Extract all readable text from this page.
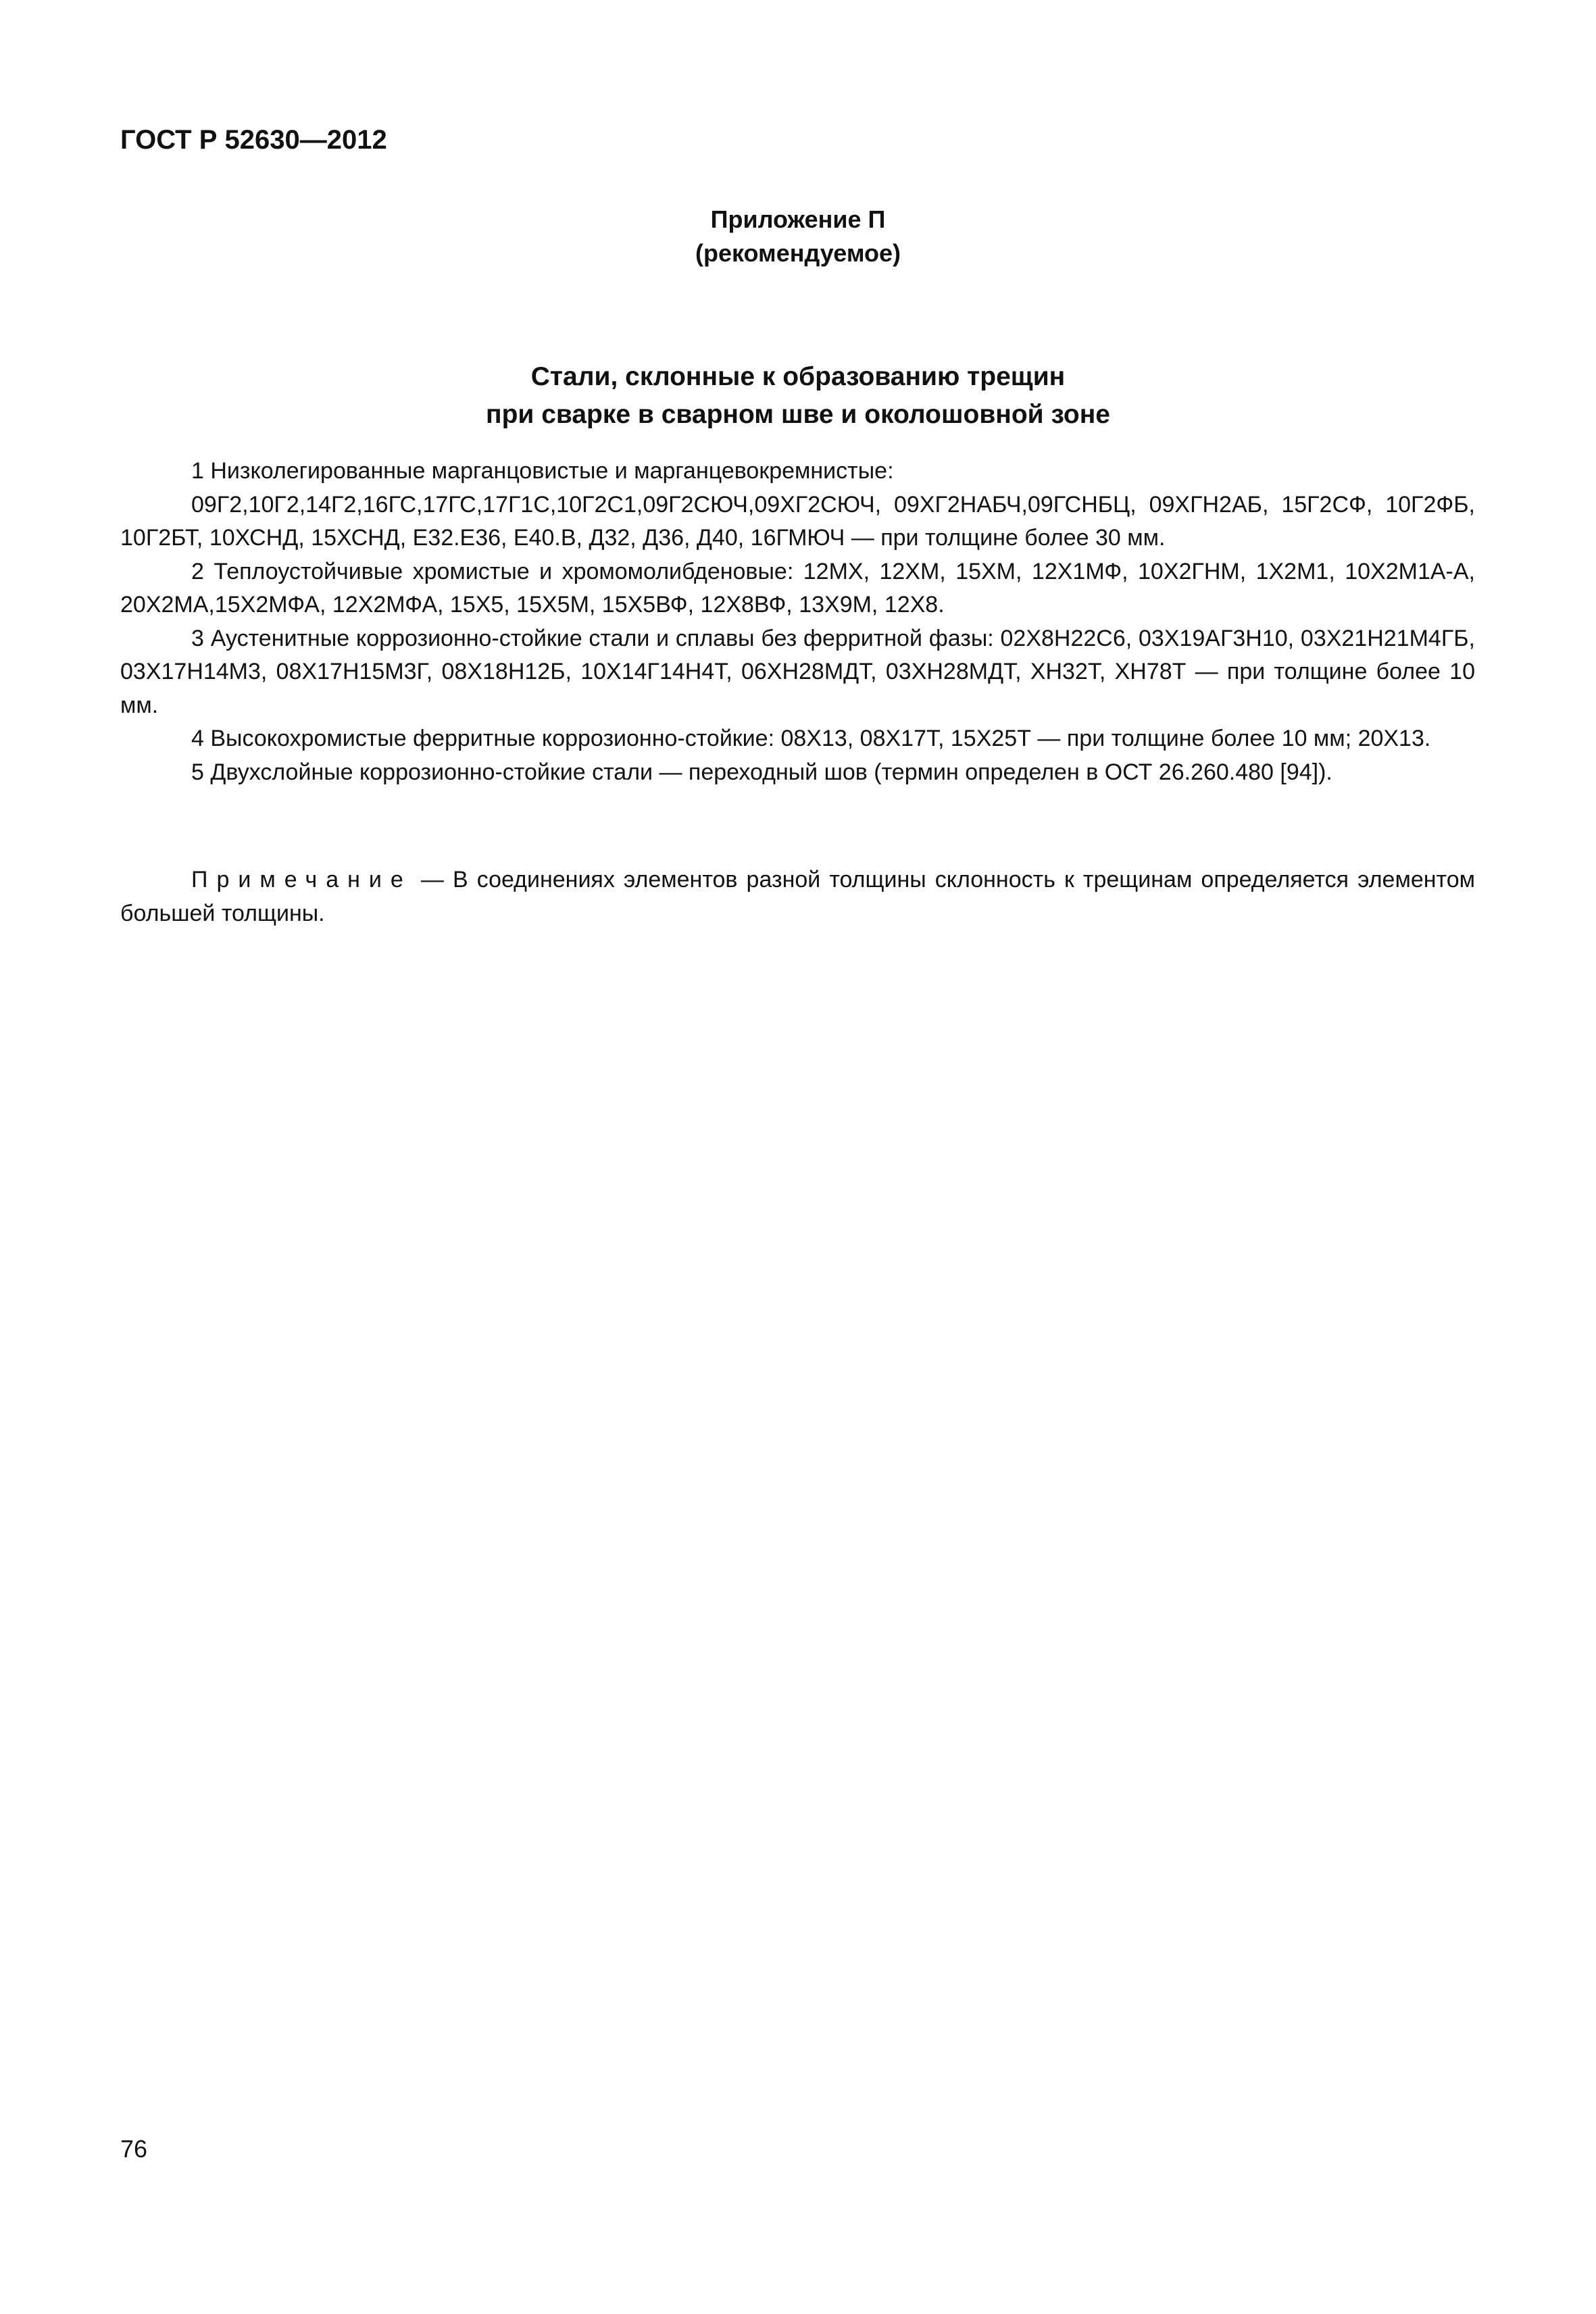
ГОСТ Р 52630—2012
Приложение П
(рекомендуемое)
Стали, склонные к образованию трещин
при сварке в сварном шве и околошовной зоне

1 Низколегированные марганцовистые и марганцевокремнистые:

09Г2,10Г2,14Г2,16ГС,17ГС,17Г1С,10Г2С1,09Г2СЮЧ,09ХГ2СЮЧ, 09ХГ2НАБЧ,09ГСНБЦ, 09ХГН2АБ, 15Г2СФ, 10Г2ФБ, 10Г2БТ, 10ХСНД, 15ХСНД, Е32.Е36, Е40.В, Д32, Д36, Д40, 16ГМЮЧ — при толщине более 30 мм.

2 Теплоустойчивые хромистые и хромомолибденовые: 12МХ, 12ХМ, 15ХМ, 12Х1МФ, 10Х2ГНМ, 1Х2М1, 10Х2М1А-А, 20Х2МА,15Х2МФА, 12Х2МФА, 15Х5, 15Х5М, 15Х5ВФ, 12Х8ВФ, 13Х9М, 12Х8.

3 Аустенитные коррозионно-стойкие стали и сплавы без ферритной фазы: 02Х8Н22С6, 03Х19АГ3Н10, 03Х21Н21М4ГБ, 03Х17Н14М3, 08Х17Н15М3Г, 08Х18Н12Б, 10Х14Г14Н4Т, 06ХН28МДТ, 03ХН28МДТ, ХН32Т, ХН78Т — при толщине более 10 мм.

4 Высокохромистые ферритные коррозионно-стойкие: 08Х13, 08Х17Т, 15Х25Т — при толщине более 10 мм; 20Х13.

5 Двухслойные коррозионно-стойкие стали — переходный шов (термин определен в ОСТ 26.260.480 [94]).

Примечание — В соединениях элементов разной толщины склонность к трещинам определяется элементом большей толщины.

76
